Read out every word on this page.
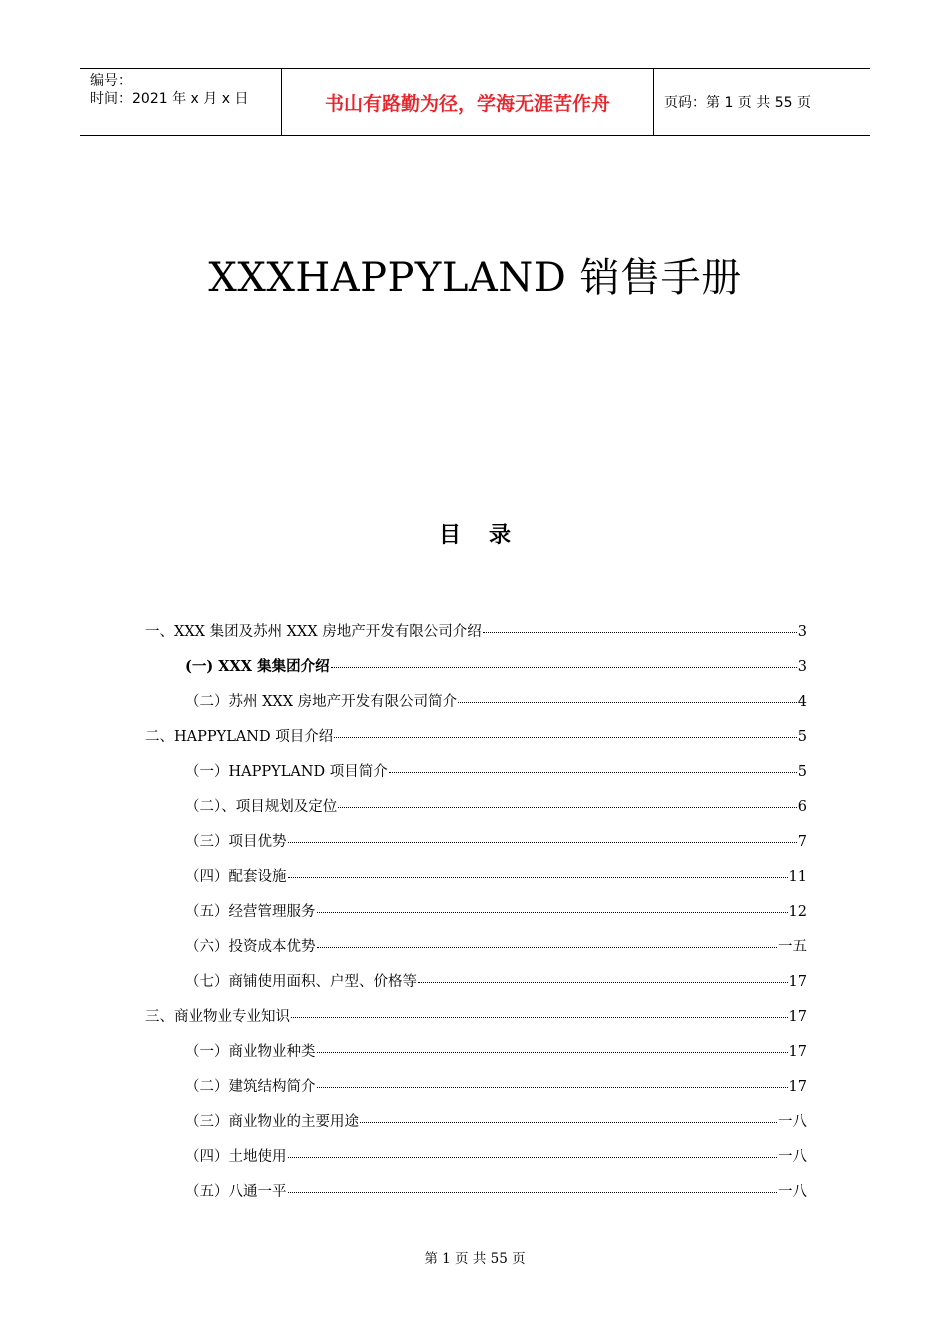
编号：
时间：2021 年 x 月 x 日	书山有路勤为径，学海无涯苦作舟	页码：第 1 页 共 55 页
XXXHAPPYLAND 销售手册
目录
一、XXX 集团及苏州 XXX 房地产开发有限公司介绍	3
(一) XXX 集集团介绍	3
（二）苏州 XXX 房地产开发有限公司简介	4
二、HAPPYLAND 项目介绍	5
（一）HAPPYLAND 项目简介	5
（二）、项目规划及定位	6
（三）项目优势	7
（四）配套设施	11
（五）经营管理服务	12
（六）投资成本优势	一五
（七）商铺使用面积、户型、价格等	17
三、商业物业专业知识	17
（一）商业物业种类	17
（二）建筑结构简介	17
（三）商业物业的主要用途	一八
（四）土地使用	一八
（五）八通一平	一八
第 1 页 共 55 页
